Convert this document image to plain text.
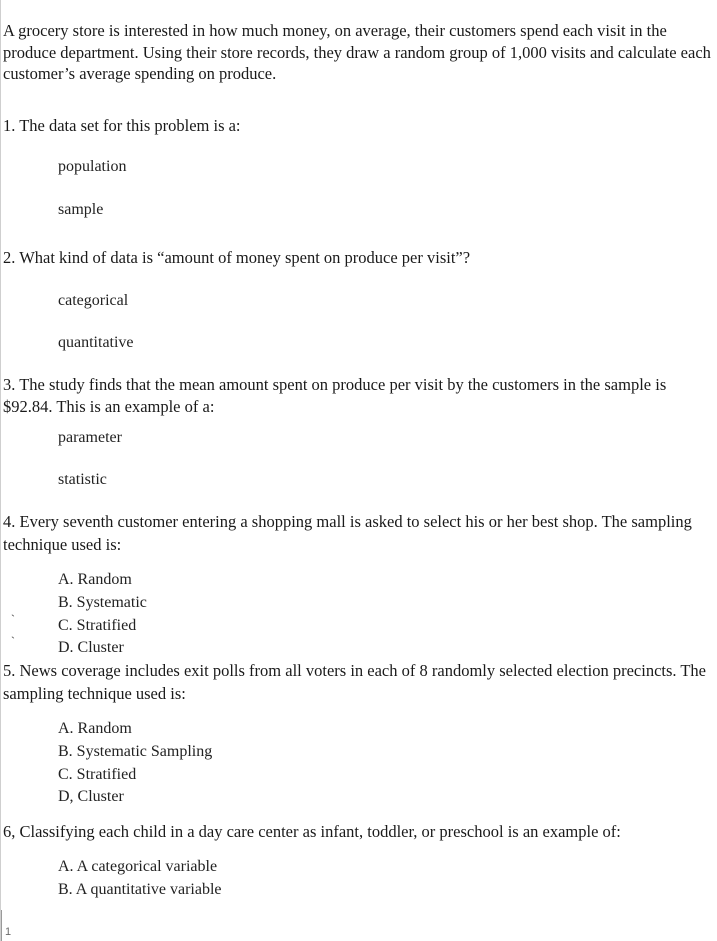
A grocery store is interested in how much money, on average, their customers spend each visit in the produce department. Using their store records, they draw a random group of 1,000 visits and calculate each customer’s average spending on produce.

1. The data set for this problem is a:

population

sample

2. What kind of data is “amount of money spent on produce per visit”?

categorical

quantitative

3. The study finds that the mean amount spent on produce per visit by the customers in the sample is $92.84. This is an example of a:

parameter

statistic

4. Every seventh customer entering a shopping mall is asked to select his or her best shop. The sampling technique used is:

A. Random

B. Systematic

C. Stratified

D. Cluster

`

`

5. News coverage includes exit polls from all voters in each of 8 randomly selected election precincts. The sampling technique used is:

A. Random

B. Systematic Sampling

C. Stratified

D, Cluster

6, Classifying each child in a day care center as infant, toddler, or preschool is an example of:

A. A categorical variable

B. A quantitative variable

1
